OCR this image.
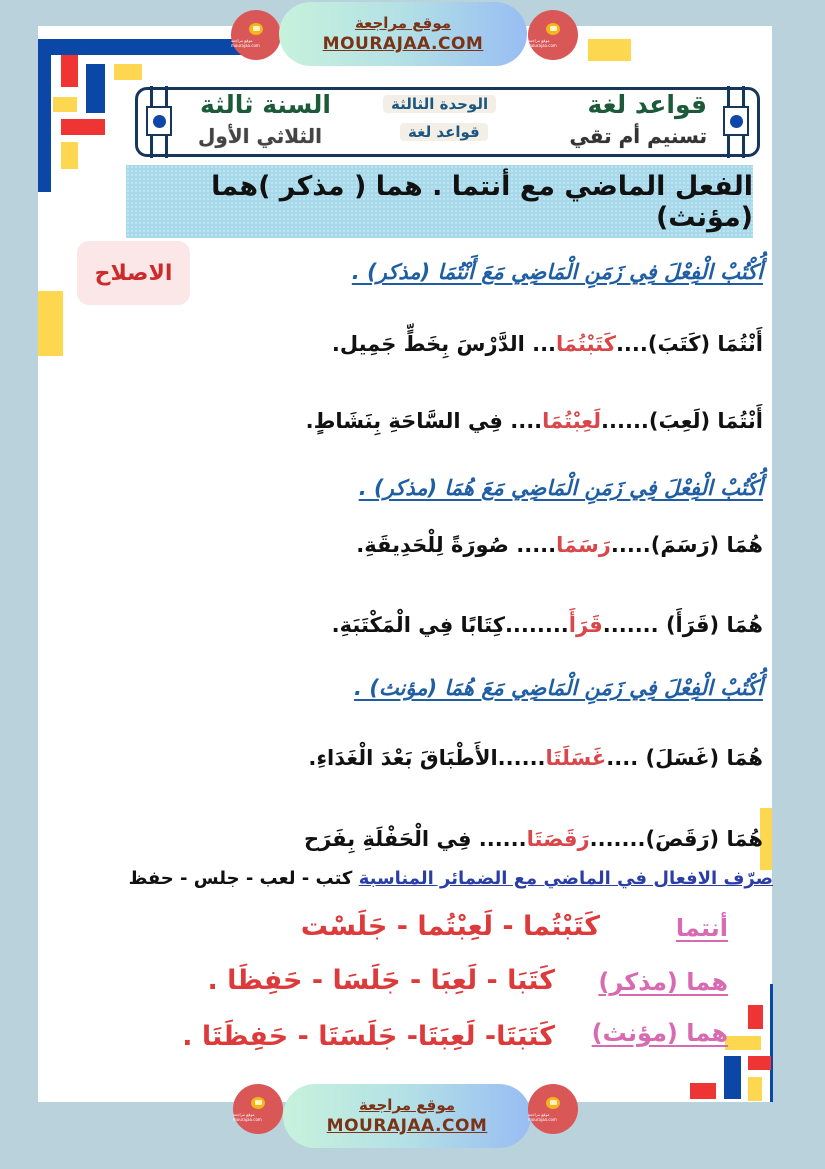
موقع مراجعة mourajaa.com
موقع مراجعة
MOURAJAA.COM	موقع مراجعة mourajaa.com
قواعد لغة
تسنيم أم تقي
الوحدة الثالثة
قواعد لغة
السنة ثالثة
الثلاثي الأول
الفعل الماضي مع أنتما . هما ( مذكر )هما (مؤنث)
الاصلاح	أُكْتُبْ الْفِعْلَ فِي زَمَنِ الْمَاضِي مَعَ أَنْتُمَا (مذكر) .
أَنْتُمَا (كَتَبَ)....كَتَبْتُمَا... الدَّرْسَ بِخَطٍّ جَمِيل.
أَنْتُمَا (لَعِبَ)......لَعِبْتُمَا.... فِي السَّاحَةِ بِنَشَاطٍ.
أُكْتُبْ الْفِعْلَ فِي زَمَنِ الْمَاضِي مَعَ هُمَا (مذكر) .
هُمَا (رَسَمَ).....رَسَمَا..... صُورَةً لِلْحَدِيقَةِ.
هُمَا (قَرَأَ) .......قَرَأَ........كِتَابًا فِي الْمَكْتَبَةِ.
أُكْتُبْ الْفِعْلَ فِي زَمَنِ الْمَاضِي مَعَ هُمَا (مؤنث) .
هُمَا (غَسَلَ) ....غَسَلَتَا......الأَطْبَاقَ بَعْدَ الْغَدَاءِ.
هُمَا (رَقَصَ).......رَقَصَتَا...... فِي الْحَفْلَةِ بِفَرَح
صرّف الافعال في الماضي مع الضمائر المناسبة كتب - لعب - جلس - حفظ
أنتما
كَتَبْتُما - لَعِبْتُما - جَلَسْت
هما (مذكر)
كَتَبَا - لَعِبَا - جَلَسَا - حَفِظَا .
هما (مؤنث)
كَتَبَتَا- لَعِبَتَا- جَلَسَتَا - حَفِظَتَا .
موقع مراجعة mourajaa.com
موقع مراجعة
MOURAJAA.COM
موقع مراجعة mourajaa.com
